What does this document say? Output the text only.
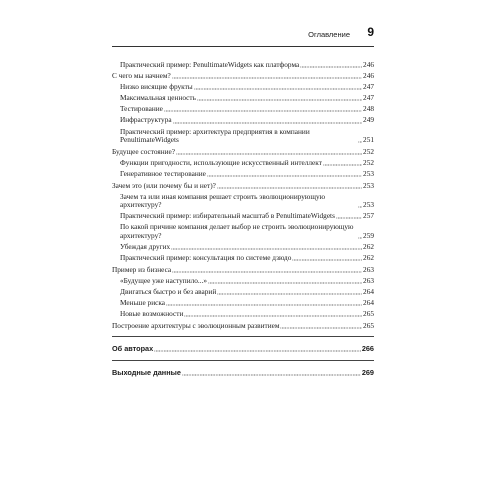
Оглавление 9
Практический пример: PenultimateWidgets как платформа	246
С чего мы начнем?	246
Низко висящие фрукты	247
Максимальная ценность	247
Тестирование	248
Инфраструктура	249
Практический пример: архитектура предприятия в компании PenultimateWidgets	251
Будущее состояние?	252
Функции пригодности, использующие искусственный интеллект	252
Генеративное тестирование	253
Зачем это (или почему бы и нет)?	253
Зачем та или иная компания решает строить эволюционирующую архитектуру?	253
Практический пример: избирательный масштаб в PenultimateWidgets	257
По какой причине компания делает выбор не строить эволюционирующую архитектуру?	259
Убеждая других	262
Практический пример: консультация по системе дзюдо	262
Пример из бизнеса	263
«Будущее уже наступило...»	263
Двигаться быстро и без аварий	264
Меньше риска	264
Новые возможности	265
Построение архитектуры с эволюционным развитием	265
Об авторах	266
Выходные данные	269
